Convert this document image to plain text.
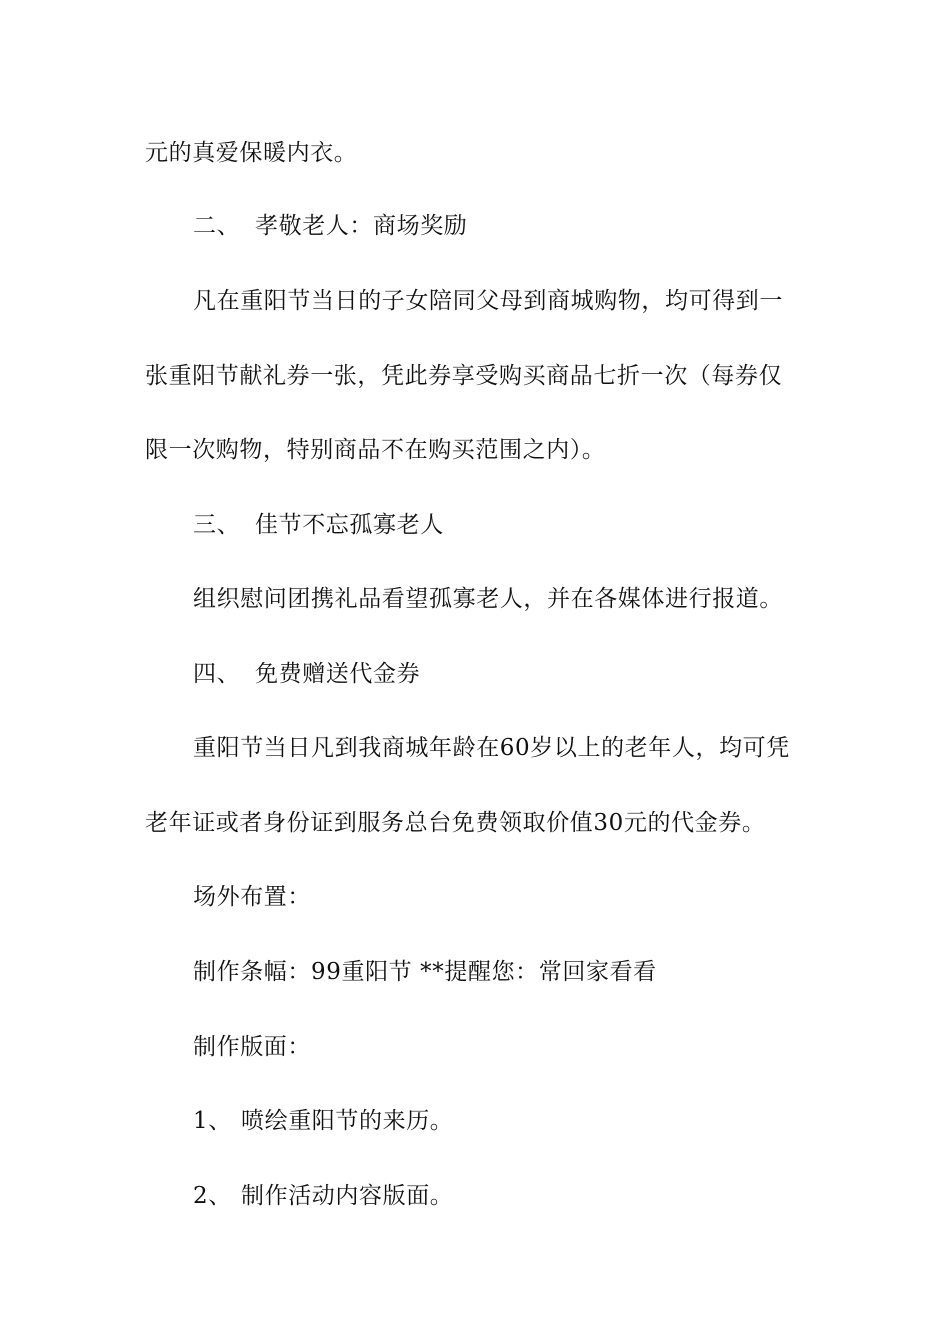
元的真爱保暖内衣。
二、 孝敬老人：商场奖励
凡在重阳节当日的子女陪同父母到商城购物，均可得到一
张重阳节献礼券一张，凭此券享受购买商品七折一次（每券仅
限一次购物，特别商品不在购买范围之内）。
三、 佳节不忘孤寡老人
组织慰问团携礼品看望孤寡老人，并在各媒体进行报道。
四、 免费赠送代金券
重阳节当日凡到我商城年龄在60岁以上的老年人，均可凭
老年证或者身份证到服务总台免费领取价值30元的代金券。
场外布置：
制作条幅：99重阳节 **提醒您：常回家看看
制作版面：
1、 喷绘重阳节的来历。
2、 制作活动内容版面。
